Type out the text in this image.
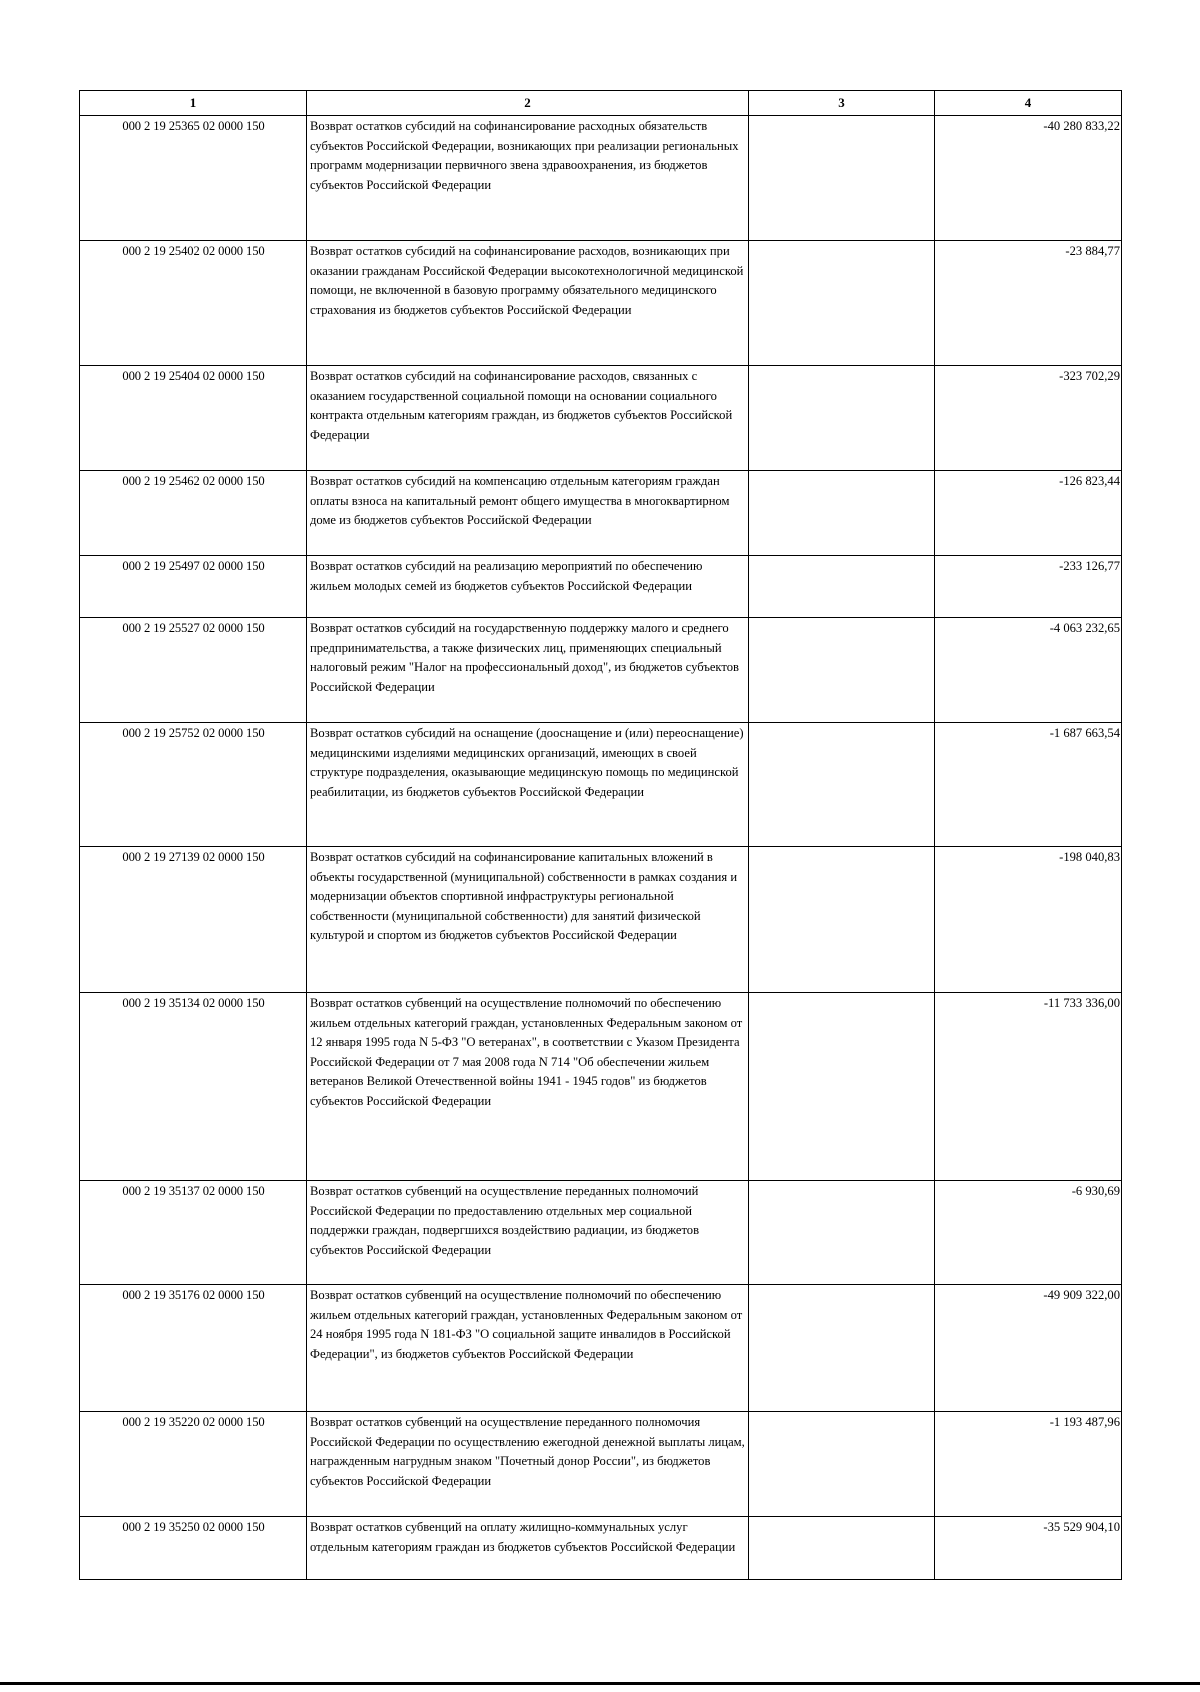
1	2	3	4
000 2 19 25365 02 0000 150	Возврат остатков субсидий на софинансирование расходных обязательств субъектов Российской Федерации, возникающих при реализации региональных программ модернизации первичного звена здравоохранения, из бюджетов субъектов Российской Федерации		-40 280 833,22
000 2 19 25402 02 0000 150	Возврат остатков субсидий на софинансирование расходов, возникающих при оказании гражданам Российской Федерации высокотехнологичной медицинской помощи, не включенной в базовую программу обязательного медицинского страхования из бюджетов субъектов Российской Федерации		-23 884,77
000 2 19 25404 02 0000 150	Возврат остатков субсидий на софинансирование расходов, связанных с оказанием государственной социальной помощи на основании социального контракта отдельным категориям граждан, из бюджетов субъектов Российской Федерации		-323 702,29
000 2 19 25462 02 0000 150	Возврат остатков субсидий на компенсацию отдельным категориям граждан оплаты взноса на капитальный ремонт общего имущества в многоквартирном доме из бюджетов субъектов Российской Федерации		-126 823,44
000 2 19 25497 02 0000 150	Возврат остатков субсидий на реализацию мероприятий по обеспечению жильем молодых семей из бюджетов субъектов Российской Федерации		-233 126,77
000 2 19 25527 02 0000 150	Возврат остатков субсидий на государственную поддержку малого и среднего предпринимательства, а также физических лиц, применяющих специальный налоговый режим "Налог на профессиональный доход", из бюджетов субъектов Российской Федерации		-4 063 232,65
000 2 19 25752 02 0000 150	Возврат остатков субсидий на оснащение (дооснащение и (или) переоснащение) медицинскими изделиями медицинских организаций, имеющих в своей структуре подразделения, оказывающие медицинскую помощь по медицинской реабилитации, из бюджетов субъектов Российской Федерации		-1 687 663,54
000 2 19 27139 02 0000 150	Возврат остатков субсидий на софинансирование капитальных вложений в объекты государственной (муниципальной) собственности в рамках создания и модернизации объектов спортивной инфраструктуры региональной собственности (муниципальной собственности) для занятий физической культурой и спортом из бюджетов субъектов Российской Федерации		-198 040,83
000 2 19 35134 02 0000 150	Возврат остатков субвенций на осуществление полномочий по обеспечению жильем отдельных категорий граждан, установленных Федеральным законом от 12 января 1995 года N 5-ФЗ "О ветеранах", в соответствии с Указом Президента Российской Федерации от 7 мая 2008 года N 714 "Об обеспечении жильем ветеранов Великой Отечественной войны 1941 - 1945 годов" из бюджетов субъектов Российской Федерации		-11 733 336,00
000 2 19 35137 02 0000 150	Возврат остатков субвенций на осуществление переданных полномочий Российской Федерации по предоставлению отдельных мер социальной поддержки граждан, подвергшихся воздействию радиации, из бюджетов субъектов Российской Федерации		-6 930,69
000 2 19 35176 02 0000 150	Возврат остатков субвенций на осуществление полномочий по обеспечению жильем отдельных категорий граждан, установленных Федеральным законом от 24 ноября 1995 года N 181-ФЗ "О социальной защите инвалидов в Российской Федерации", из бюджетов субъектов Российской Федерации		-49 909 322,00
000 2 19 35220 02 0000 150	Возврат остатков субвенций на осуществление переданного полномочия Российской Федерации по осуществлению ежегодной денежной выплаты лицам, награжденным нагрудным знаком "Почетный донор России", из бюджетов субъектов Российской Федерации		-1 193 487,96
000 2 19 35250 02 0000 150	Возврат остатков субвенций на оплату жилищно-коммунальных услуг отдельным категориям граждан из бюджетов субъектов Российской Федерации		-35 529 904,10
